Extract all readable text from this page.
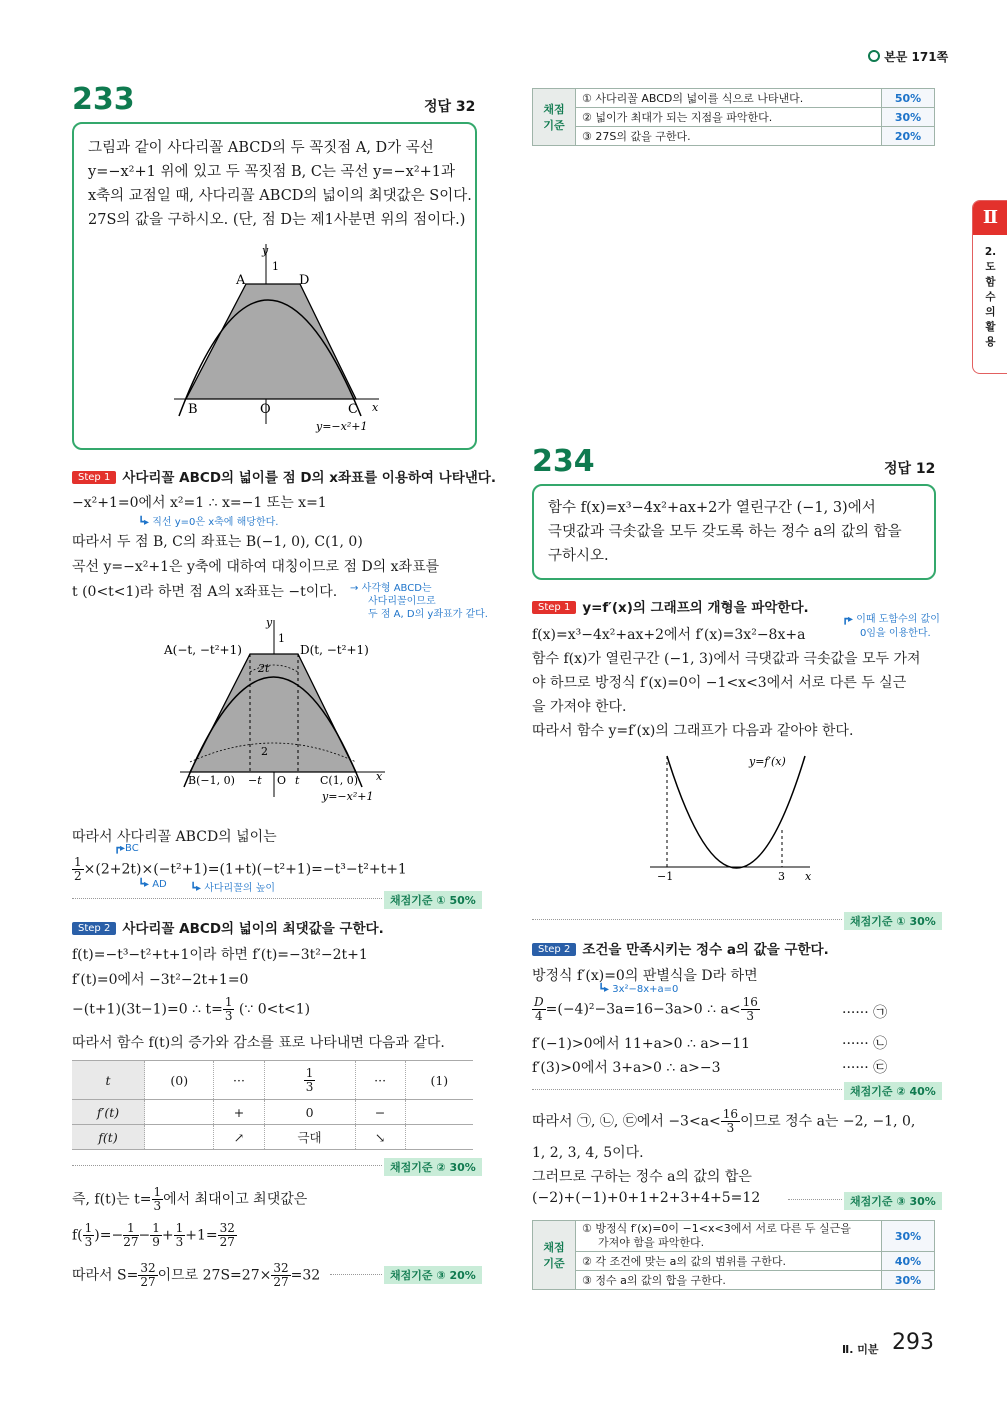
본문 171쪽
Ⅱ
2. 도함수의 활용
233	정답 32
그림과 같이 사다리꼴 ABCD의 두 꼭짓점 A, D가 곡선
y=−x²+1 위에 있고 두 꼭짓점 B, C는 곡선 y=−x²+1과
x축의 교점일 때, 사다리꼴 ABCD의 넓이의 최댓값은 S이다.
27S의 값을 구하시오. (단, 점 D는 제1사분면 위의 점이다.)
y
1
A	D
B	O	C x
y=−x²+1
Step 1 사다리꼴 ABCD의 넓이를 점 D의 x좌표를 이용하여 나타낸다.
−x²+1=0에서 x²=1 ∴ x=−1 또는 x=1
┗▸ 직선 y=0은 x축에 해당한다.
따라서 두 점 B, C의 좌표는 B(−1, 0), C(1, 0)
곡선 y=−x²+1은 y축에 대하여 대칭이므로 점 D의 x좌표를
t (0<t<1)라 하면 점 A의 x좌표는 −t이다. → 사각형 ABCD는
사다리꼴이므로
두 점 A, D의 y좌표가 같다.
y
1
A(−t, −t²+1)	D(t, −t²+1)
2t
2
B(−1, 0) −t O t C(1, 0) x
y=−x²+1
따라서 사다리꼴 ABCD의 넓이는
┏▸BC
$\frac{1}{2} \times(2+2t)\times(-t^2+1)=(1+t)(-t^2+1)=-t^3-t^2+t+1$
┗▸ AD ┗▸ 사다리꼴의 높이
채점기준 ① 50%
Step 2 사다리꼴 ABCD의 넓이의 최댓값을 구한다.
f(t)=−t³−t²+t+1이라 하면 f′(t)=−3t²−2t+1
f′(t)=0에서 −3t²−2t+1=0
−(t+1)(3t−1)=0 ∴ $t= \frac{1}{3}$ (∵ 0<t<1)
따라서 함수 f(t)의 증가와 감소를 표로 나타내면 다음과 같다.
t	(0)	···	$\frac{1}{3}$	···	(1)
f′(t)		+	0	−	
f(t)		↗	극대	↘	
채점기준 ② 30%
즉, f(t)는 $t= \frac{1}{3}$ 에서 최대이고 최댓값은
$f( \frac{1}{3}$ )=− $\frac{1}{27} - \frac{1}{9} + \frac{1}{3} +1= \frac{32}{27}$
따라서 $S= \frac{32}{27}$ 이므로 $27S=27\times \frac{32}{27} =32$	채점기준 ③ 20%
채점
기준	① 사다리꼴 ABCD의 넓이를 식으로 나타낸다.	50%
	② 넓이가 최대가 되는 지점을 파악한다.	30%
	③ 27S의 값을 구한다.	20%
234	정답 12
함수 f(x)=x³−4x²+ax+2가 열린구간 (−1, 3)에서
극댓값과 극솟값을 모두 갖도록 하는 정수 a의 값의 합을
구하시오.
Step 1 y=f′(x)의 그래프의 개형을 파악한다.
f(x)=x³−4x²+ax+2에서 f′(x)=3x²−8x+a
┏▸ 이때 도함수의 값이
0임을 이용한다.
함수 f(x)가 열린구간 (−1, 3)에서 극댓값과 극솟값을 모두 가져
야 하므로 방정식 f′(x)=0이 −1<x<3에서 서로 다른 두 실근
을 가져야 한다.
따라서 함수 y=f′(x)의 그래프가 다음과 같아야 한다.
y=f′(x)
−1	3 x
채점기준 ① 30%
Step 2 조건을 만족시키는 정수 a의 값을 구한다.
방정식 f′(x)=0의 판별식을 D라 하면
┗▸ 3x²−8x+a=0
$\frac{D}{4} =(-4)^2-3a=16-3a>0$ ∴ $a< \frac{16}{3}$	······ ㉠
f′(−1)>0에서 11+a>0 ∴ a>−11	······ ㉡
f′(3)>0에서 3+a>0 ∴ a>−3	······ ㉢
채점기준 ② 40%
따라서 ㉠, ㉡, ㉢에서 $-3<a< \frac{16}{3}$ 이므로 정수 a는 −2, −1, 0,
1, 2, 3, 4, 5이다.
그러므로 구하는 정수 a의 값의 합은
(−2)+(−1)+0+1+2+3+4+5=12	채점기준 ③ 30%
채점
기준	① 방정식 f′(x)=0이 −1<x<3에서 서로 다른 두 실근을
가져야 함을 파악한다.	30%
	② 각 조건에 맞는 a의 값의 범위를 구한다.	40%
	③ 정수 a의 값의 합을 구한다.	30%
Ⅱ. 미분 293
